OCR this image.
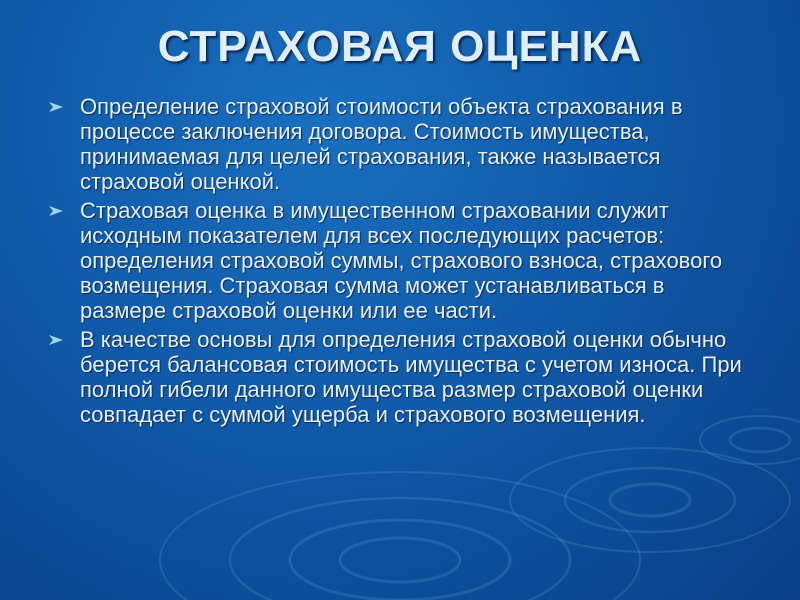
СТРАХОВАЯ ОЦЕНКА
Определение страховой стоимости объекта страхования в процессе заключения договора. Стоимость имущества, принимаемая для целей страхования, также называется страховой оценкой.
Страховая оценка в имущественном страховании служит исходным показателем для всех последующих расчетов: определения страховой суммы, страхового взноса, страхового возмещения. Страховая сумма может устанавливаться в размере страховой оценки или ее части.
В качестве основы для определения страховой оценки обычно берется балансовая стоимость имущества с учетом износа. При полной гибели данного имущества размер страховой оценки совпадает с суммой ущерба и страхового возмещения.
